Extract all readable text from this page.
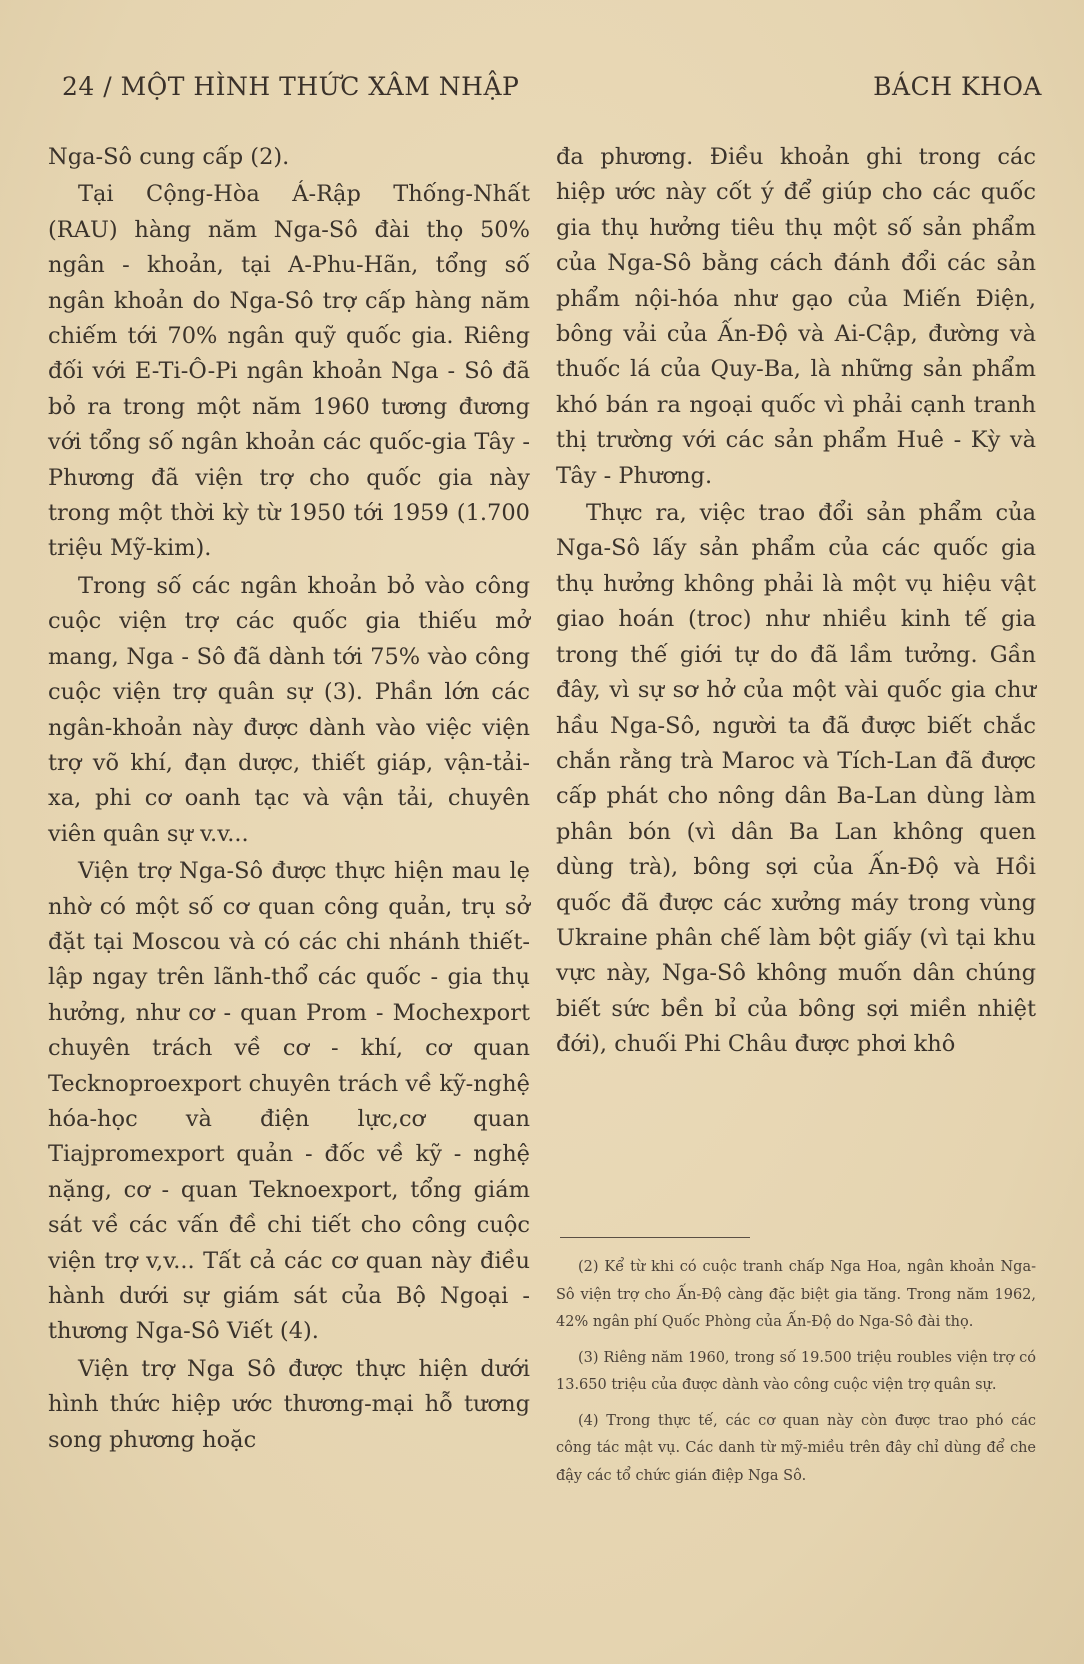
24 / MỘT HÌNH THỨC XÂM NHẬP	BÁCH KHOA

Nga-Sô cung cấp (2).

Tại Cộng-Hòa Á-Rập Thống-Nhất (RAU) hàng năm Nga-Sô đài thọ 50% ngân - khoản, tại A-Phu-Hãn, tổng số ngân khoản do Nga-Sô trợ cấp hàng năm chiếm tới 70% ngân quỹ quốc gia. Riêng đối với E-Ti-Ô-Pi ngân khoản Nga - Sô đã bỏ ra trong một năm 1960 tương đương với tổng số ngân khoản các quốc-gia Tây - Phương đã viện trợ cho quốc gia này trong một thời kỳ từ 1950 tới 1959 (1.700 triệu Mỹ-kim).

Trong số các ngân khoản bỏ vào công cuộc viện trợ các quốc gia thiếu mở mang, Nga - Sô đã dành tới 75% vào công cuộc viện trợ quân sự (3). Phần lớn các ngân-khoản này được dành vào việc viện trợ võ khí, đạn dược, thiết giáp, vận-tải-xa, phi cơ oanh tạc và vận tải, chuyên viên quân sự v.v...

Viện trợ Nga-Sô được thực hiện mau lẹ nhờ có một số cơ quan công quản, trụ sở đặt tại Moscou và có các chi nhánh thiết-lập ngay trên lãnh-thổ các quốc - gia thụ hưởng, như cơ - quan Prom - Mochexport chuyên trách về cơ - khí, cơ quan Tecknoproexport chuyên trách về kỹ-nghệ hóa-học và điện lực,cơ quan Tiajpromexport quản - đốc về kỹ - nghệ nặng, cơ - quan Teknoexport, tổng giám sát về các vấn đề chi tiết cho công cuộc viện trợ v,v... Tất cả các cơ quan này điều hành dưới sự giám sát của Bộ Ngoại - thương Nga-Sô Viết (4).

Viện trợ Nga Sô được thực hiện dưới hình thức hiệp ước thương-mại hỗ tương song phương hoặc

đa phương. Điều khoản ghi trong các hiệp ước này cốt ý để giúp cho các quốc gia thụ hưởng tiêu thụ một số sản phẩm của Nga-Sô bằng cách đánh đổi các sản phẩm nội-hóa như gạo của Miến Điện, bông vải của Ấn-Độ và Ai-Cập, đường và thuốc lá của Quy-Ba, là những sản phẩm khó bán ra ngoại quốc vì phải cạnh tranh thị trường với các sản phẩm Huê - Kỳ và Tây - Phương.

Thực ra, việc trao đổi sản phẩm của Nga-Sô lấy sản phẩm của các quốc gia thụ hưởng không phải là một vụ hiệu vật giao hoán (troc) như nhiều kinh tế gia trong thế giới tự do đã lầm tưởng. Gần đây, vì sự sơ hở của một vài quốc gia chư hầu Nga-Sô, người ta đã được biết chắc chắn rằng trà Maroc và Tích-Lan đã được cấp phát cho nông dân Ba-Lan dùng làm phân bón (vì dân Ba Lan không quen dùng trà), bông sợi của Ấn-Độ và Hồi quốc đã được các xưởng máy trong vùng Ukraine phân chế làm bột giấy (vì tại khu vực này, Nga-Sô không muốn dân chúng biết sức bền bỉ của bông sợi miền nhiệt đới), chuối Phi Châu được phơi khô

(2) Kể từ khi có cuộc tranh chấp Nga Hoa, ngân khoản Nga-Sô viện trợ cho Ấn-Độ càng đặc biệt gia tăng. Trong năm 1962, 42% ngân phí Quốc Phòng của Ấn-Độ do Nga-Sô đài thọ.

(3) Riêng năm 1960, trong số 19.500 triệu roubles viện trợ có 13.650 triệu của được dành vào công cuộc viện trợ quân sự.

(4) Trong thực tế, các cơ quan này còn được trao phó các công tác mật vụ. Các danh từ mỹ-miều trên đây chỉ dùng để che đậy các tổ chức gián điệp Nga Sô.
